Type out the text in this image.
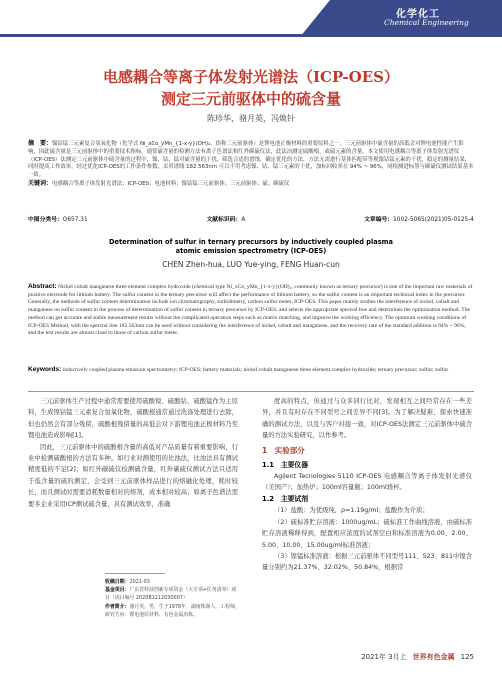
化学化工
Chemical Engineering
电感耦合等离子体发射光谱法（ICP-OES）
测定三元前驱体中的硫含量
陈珍华，骆月英，冯焕针
摘　要：镍钴锰三元素复合氢氧化物（化学式 Ni_xCo_yMn_{1-x-y}(OH)₂，俗称三元前驱体）是锂电池正极材料的重要原料之一。三元前驱体中硫含量的高低会对锂电池性能产生影响，因此硫含量是三元前驱体中的重要技术指标。通常硫含量的检测方法有离子色谱法和红外碳硫仪法，此法冶测定硫酸根，或硫元素的含量，本文使用电感耦合等离子体发射光谱仪（ICP-OES）法测定三元前驱体中硫含量的过程中，镍、钴、锰对硫含量的干扰，筛选合适的谱线，确定优化的方法，方法无需进行基体匹配带等观镍钴锰元素的干扰，稳定的测量结果，同时提高工作效率。经过优化ICP-OES的工作条件参数，采用谱线 182.563nm 可以不用考虑镍、钴、锰三元素的干扰，加标回收率在 94% ~ 96%，同检测进标签与碳硫仪测试结果基本一致。
关键词：电感耦合等离子体发射光谱法；ICP-OES；电池材料；镍钴锰三元前驱体；三元前驱体；硫；碳硫仪
中图分类号：O657.31	文献标识码：A	文章编号：1002-5065(2021)05-0125-4
Determination of sulfur in ternary precursors by inductively coupled plasma
atomic emission spectrometry (ICP-OES)
CHEN Zhen-hua, LUO Yue-ying, FENG Huan-cun
Abstract: Nickel cobalt manganese three element complex hydroxide (chemical type Ni_xCo_yMn_{1-x-y}(OH)₂, commonly known as ternary precursor) is one of the important raw materials of positive electrode for lithium battery. The sulfur content in the ternary precursor will affect the performance of lithium battery, so the sulfur content is an important technical index in the precursor. Generally, the methods of sulfur content determination include ion chromatography, turbidimetry, carbon sulfur meter, ICP-OES. This paper mainly studies the interference of nickel, cobalt and manganese on sulfur content in the process of determination of sulfur content in ternary precursor by ICP-OES, and selects the appropriate spectral line and determines the optimization method. The method can get accurate and stable measurement results without the complicated operation steps such as matrix matching, and improve the working efficiency. The optimum working conditions of ICP-OES Method, with the spectral line 182.563nm can be used without considering the interference of nickel, cobalt and manganese, and the recovery rate of the standard addition is 94% ~ 96%, and the test results are almost close to those of carbon sulfur meter.
Keywords: inductively coupled plasma emission spectrometry; ICP-OES; battery materials; nickel cobalt manganese three element complex hydroxide; ternary precursor; sulfur; sulfur

三元前驱体生产过程中通常需要使用硫酸镍、硫酸钴、硫酸锰作为主原料，生成镍钴锰三元素复合氢氧化物，硫酸根通常通过洗涤处理进行去除，但也仍然会有部分残留，硫酸根残留量的高低会对下游锂电池正极材料乃至锂电池造成影响[1]。

因此，三元前驱体中的硫酸根含量的高低对产品质量有着重要影响，行业中检测硫酸根的方法有多种。如行业对测使用的比浊法，比浊法具有测试精度低的不足[2]；如红外碳硫仪检测硫含量，红外碳硫仪测试方法只适用于低含量的硫的测定，会受到三元前驱体样品进行的熔融化处理，耗时较长，而且测试时需要消耗数量相对的熔剂，成本相对较高；如离子色谱法需要多企业采用ICP测试硫含量，具有测试效率，准确

度高的特点，但通过与众多同行比对，发现相互之间经常存在一些差异，并且有时存在不同型号之间差异不同[3]。为了解决疑难、探索快速准确的测试方法，以及与客户对接一致，对ICP-OES法测定三元前驱体中硫含量的方法实验研究，以作参考。

1　实验部分
1.1　主要仪器

Agilent Tecnologies 5110 ICP-OES 电感耦合等离子体发射光谱仪（美国产）；加热炉；100ml容量瓶；100ml烧杯。

1.2　主要试剂

（1）盐酸：为优级纯，ρ=1.19g/ml；盐酸作为介质；

（2）硫标准贮存溶液：1000ug/mL；硫标准工作曲线溶液，由硫标准贮存溶液稀释得到，配置相应浓度的试剂空白和标准溶液为0.00、2.00、5.00、10.00、15.00ug/ml标准溶液；

（3）镍锰标准溶液：根据三元前驱体不同型号111、523、811中镍含量分别约为21.37%、32.02%、50.84%，根据常

收稿日期：2021-03
基金项目：广东省科技创新专项资金（大专项+任务清单）项目（项目编号 2020B1212030007）
作者简介：骆月英，男，生于1978年，湖南株洲人，工程师，研究方向：锂电池原材料、有色金属冶炼。
2021年 3月上 世界有色金属 125
